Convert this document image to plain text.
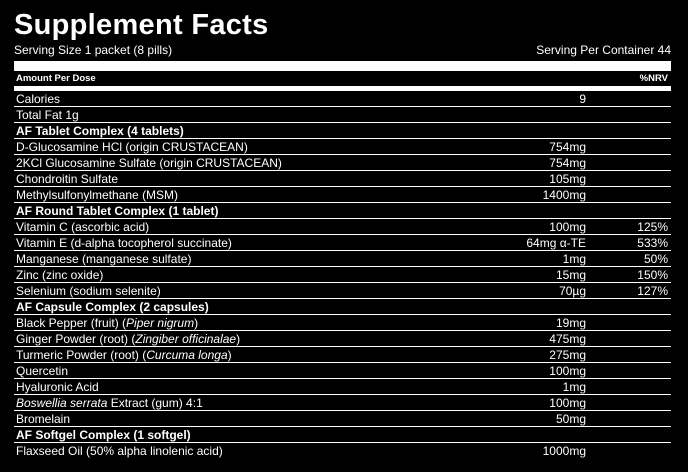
Supplement Facts
Serving Size 1 packet (8 pills)	Serving Per Container 44
Amount Per Dose	%NRV
Calories	9
Total Fat 1g
AF Tablet Complex (4 tablets)
D-Glucosamine HCl (origin CRUSTACEAN)	754mg
2KCl Glucosamine Sulfate (origin CRUSTACEAN)	754mg
Chondroitin Sulfate	105mg
Methylsulfonylmethane (MSM)	1400mg
AF Round Tablet Complex (1 tablet)
Vitamin C (ascorbic acid)	100mg	125%
Vitamin E (d-alpha tocopherol succinate)	64mg α-TE	533%
Manganese (manganese sulfate)	1mg	50%
Zinc (zinc oxide)	15mg	150%
Selenium (sodium selenite)	70µg	127%
AF Capsule Complex (2 capsules)
Black Pepper (fruit) (Piper nigrum)	19mg
Ginger Powder (root) (Zingiber officinalae)	475mg
Turmeric Powder (root) (Curcuma longa)	275mg
Quercetin	100mg
Hyaluronic Acid	1mg
Boswellia serrata Extract (gum) 4:1	100mg
Bromelain	50mg
AF Softgel Complex (1 softgel)
Flaxseed Oil (50% alpha linolenic acid)	1000mg
